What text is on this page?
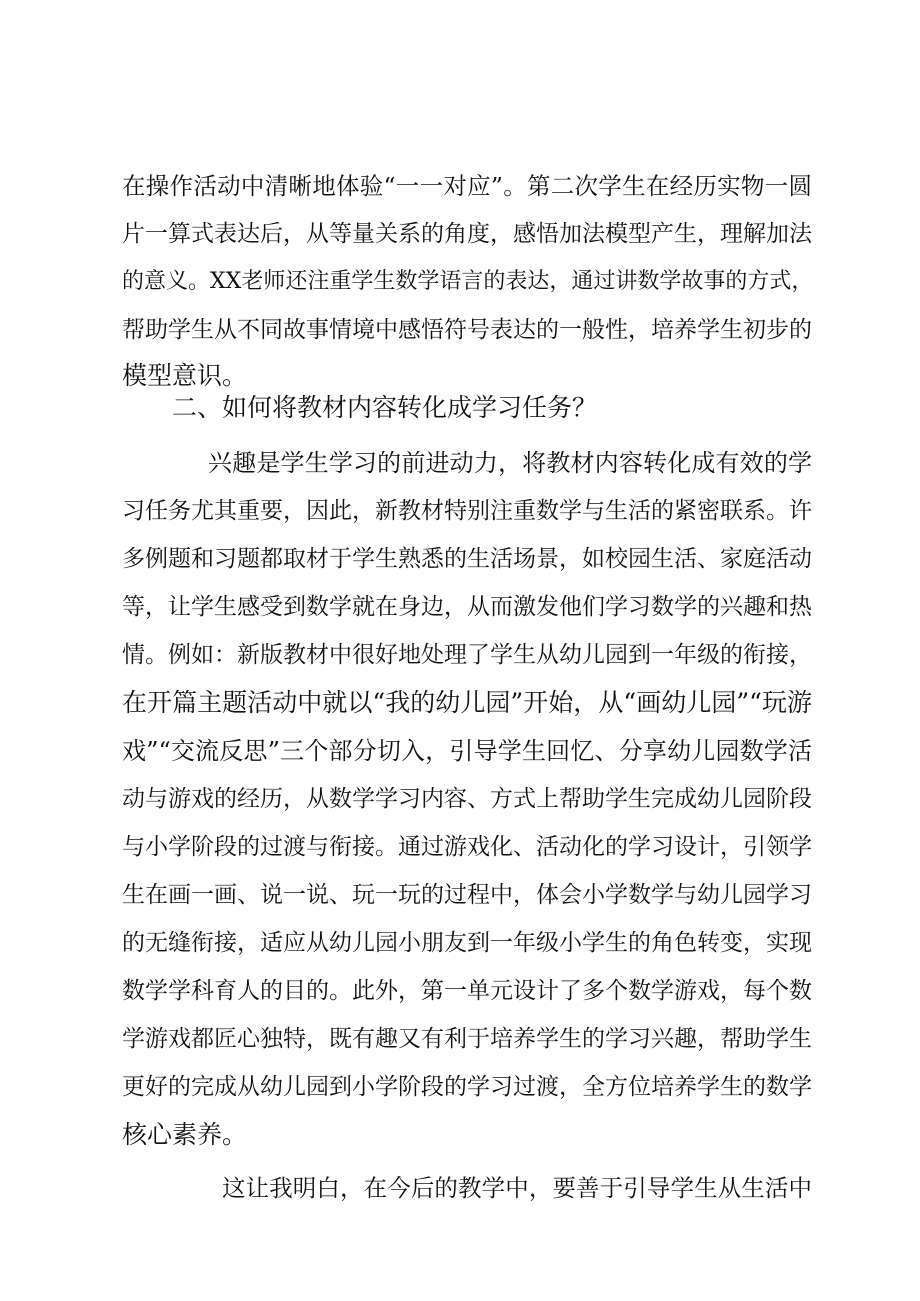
在操作活动中清晰地体验“一一对应”。第二次学生在经历实物一圆
片一算式表达后，从等量关系的角度，感悟加法模型产生，理解加法
的意义。XX老师还注重学生数学语言的表达，通过讲数学故事的方式，
帮助学生从不同故事情境中感悟符号表达的一般性，培养学生初步的
模型意识。
二、如何将教材内容转化成学习任务？
兴趣是学生学习的前进动力，将教材内容转化成有效的学
习任务尤其重要，因此，新教材特别注重数学与生活的紧密联系。许
多例题和习题都取材于学生熟悉的生活场景，如校园生活、家庭活动
等，让学生感受到数学就在身边，从而激发他们学习数学的兴趣和热
情。例如：新版教材中很好地处理了学生从幼儿园到一年级的衔接，
在开篇主题活动中就以“我的幼儿园”开始，从“画幼儿园”“玩游
戏”“交流反思”三个部分切入，引导学生回忆、分享幼儿园数学活
动与游戏的经历，从数学学习内容、方式上帮助学生完成幼儿园阶段
与小学阶段的过渡与衔接。通过游戏化、活动化的学习设计，引领学
生在画一画、说一说、玩一玩的过程中，体会小学数学与幼儿园学习
的无缝衔接，适应从幼儿园小朋友到一年级小学生的角色转变，实现
数学学科育人的目的。此外，第一单元设计了多个数学游戏，每个数
学游戏都匠心独特，既有趣又有利于培养学生的学习兴趣，帮助学生
更好的完成从幼儿园到小学阶段的学习过渡，全方位培养学生的数学
核心素养。
这让我明白，在今后的教学中，要善于引导学生从生活中
